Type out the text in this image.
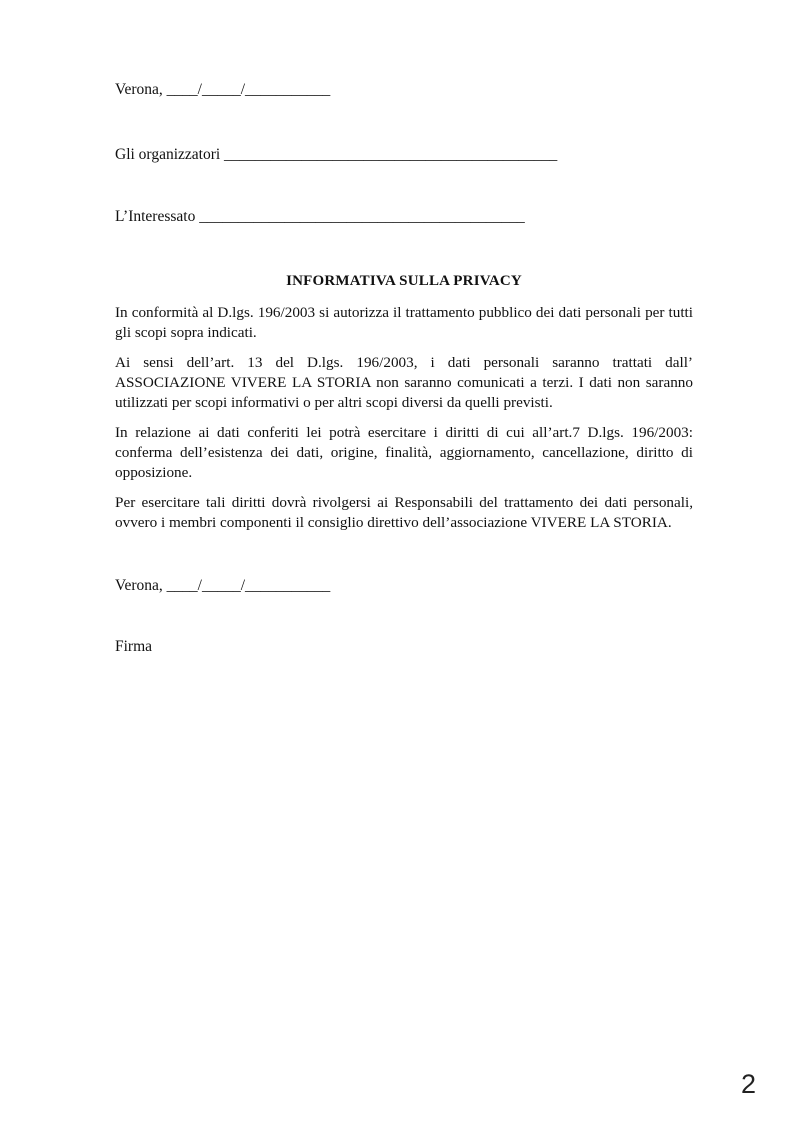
Verona, ____/_____/___________
Gli organizzatori ___________________________________________
L’Interessato __________________________________________
INFORMATIVA SULLA PRIVACY

In conformità al D.lgs. 196/2003 si autorizza il trattamento pubblico dei dati personali per tutti gli scopi sopra indicati.

Ai sensi dell’art. 13 del D.lgs. 196/2003, i dati personali saranno trattati dall’ ASSOCIAZIONE VIVERE LA STORIA non saranno comunicati a terzi. I dati non saranno utilizzati per scopi informativi o per altri scopi diversi da quelli previsti.

In relazione ai dati conferiti lei potrà esercitare i diritti di cui all’art.7 D.lgs. 196/2003: conferma dell’esistenza dei dati, origine, finalità, aggiornamento, cancellazione, diritto di opposizione.

Per esercitare tali diritti dovrà rivolgersi ai Responsabili del trattamento dei dati personali, ovvero i membri componenti il consiglio direttivo dell’associazione VIVERE LA STORIA.

Verona, ____/_____/___________
Firma
2
